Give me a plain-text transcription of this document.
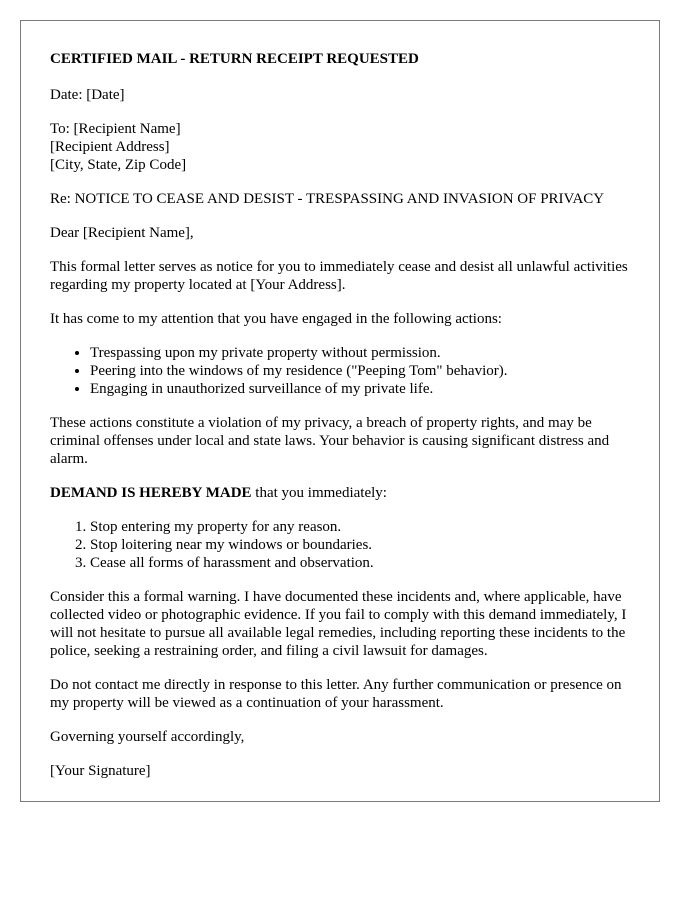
CERTIFIED MAIL - RETURN RECEIPT REQUESTED

Date: [Date]

To: [Recipient Name]
[Recipient Address]
[City, State, Zip Code]

Re: NOTICE TO CEASE AND DESIST - TRESPASSING AND INVASION OF PRIVACY

Dear [Recipient Name],

This formal letter serves as notice for you to immediately cease and desist all unlawful activities regarding my property located at [Your Address].

It has come to my attention that you have engaged in the following actions:

• Trespassing upon my private property without permission.
• Peering into the windows of my residence ("Peeping Tom" behavior).
• Engaging in unauthorized surveillance of my private life.

These actions constitute a violation of my privacy, a breach of property rights, and may be criminal offenses under local and state laws. Your behavior is causing significant distress and alarm.

DEMAND IS HEREBY MADE that you immediately:

1. Stop entering my property for any reason.
2. Stop loitering near my windows or boundaries.
3. Cease all forms of harassment and observation.

Consider this a formal warning. I have documented these incidents and, where applicable, have collected video or photographic evidence. If you fail to comply with this demand immediately, I will not hesitate to pursue all available legal remedies, including reporting these incidents to the police, seeking a restraining order, and filing a civil lawsuit for damages.

Do not contact me directly in response to this letter. Any further communication or presence on my property will be viewed as a continuation of your harassment.

Governing yourself accordingly,

[Your Signature]
